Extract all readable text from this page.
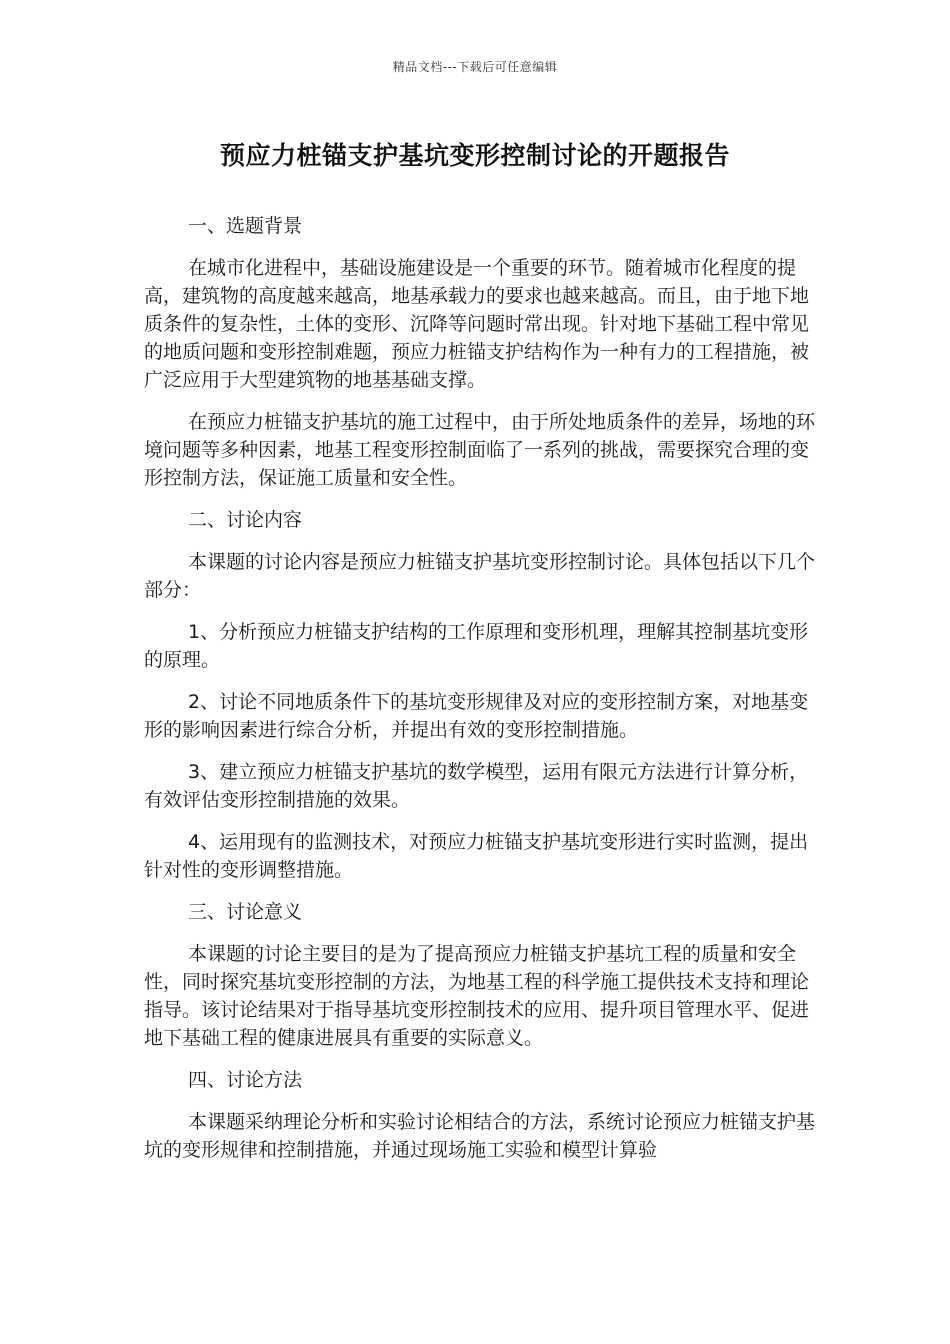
精品文档---下载后可任意编辑
预应力桩锚支护基坑变形控制讨论的开题报告
一、选题背景

在城市化进程中，基础设施建设是一个重要的环节。随着城市化程度的提高，建筑物的高度越来越高，地基承载力的要求也越来越高。而且，由于地下地质条件的复杂性，土体的变形、沉降等问题时常出现。针对地下基础工程中常见的地质问题和变形控制难题，预应力桩锚支护结构作为一种有力的工程措施，被广泛应用于大型建筑物的地基基础支撑。

在预应力桩锚支护基坑的施工过程中，由于所处地质条件的差异，场地的环境问题等多种因素，地基工程变形控制面临了一系列的挑战，需要探究合理的变形控制方法，保证施工质量和安全性。

二、讨论内容

本课题的讨论内容是预应力桩锚支护基坑变形控制讨论。具体包括以下几个部分：

1、分析预应力桩锚支护结构的工作原理和变形机理，理解其控制基坑变形的原理。

2、讨论不同地质条件下的基坑变形规律及对应的变形控制方案，对地基变形的影响因素进行综合分析，并提出有效的变形控制措施。

3、建立预应力桩锚支护基坑的数学模型，运用有限元方法进行计算分析，有效评估变形控制措施的效果。

4、运用现有的监测技术，对预应力桩锚支护基坑变形进行实时监测，提出针对性的变形调整措施。

三、讨论意义

本课题的讨论主要目的是为了提高预应力桩锚支护基坑工程的质量和安全性，同时探究基坑变形控制的方法，为地基工程的科学施工提供技术支持和理论指导。该讨论结果对于指导基坑变形控制技术的应用、提升项目管理水平、促进地下基础工程的健康进展具有重要的实际意义。

四、讨论方法

本课题采纳理论分析和实验讨论相结合的方法，系统讨论预应力桩锚支护基坑的变形规律和控制措施，并通过现场施工实验和模型计算验
